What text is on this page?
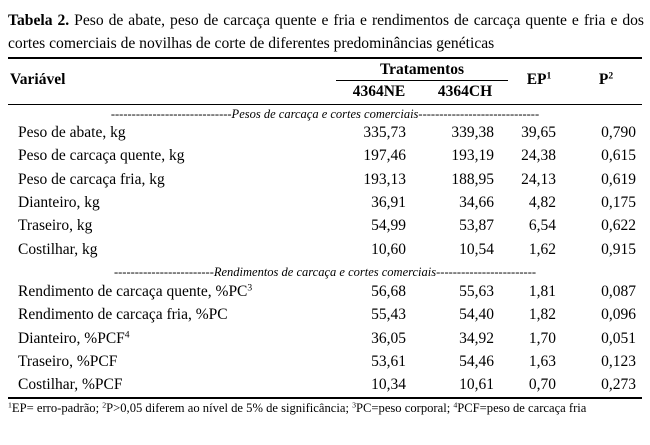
Tabela 2. Peso de abate, peso de carcaça quente e fria e rendimentos de carcaça quente e fria e dos cortes comerciais de novilhas de corte de diferentes predominâncias genéticas
Variável
Tratamentos
4364NE	4364CH
$EP^1$	$P^2$
-----------------------------Pesos de carcaça e cortes comerciais-----------------------------
Peso de abate, kg	335,73	339,38	39,65	0,790
Peso de carcaça quente, kg	197,46	193,19	24,38	0,615
Peso de carcaça fria, kg	193,13	188,95	24,13	0,619
Dianteiro, kg	36,91	34,66	4,82	0,175
Traseiro, kg	54,99	53,87	6,54	0,622
Costilhar, kg	10,60	10,54	1,62	0,915
------------------------Rendimentos de carcaça e cortes comerciais------------------------
Rendimento de carcaça quente, $\%PC^3$	56,68	55,63	1,81	0,087
Rendimento de carcaça fria, %PC	55,43	54,40	1,82	0,096
Dianteiro, %PCF$^4$	36,05	34,92	1,70	0,051
Traseiro, %PCF	53,61	54,46	1,63	0,123
Costilhar, %PCF	10,34	10,61	0,70	0,273
$^1$EP= erro-padrão; $^2$P>0,05 diferem ao nível de 5% de significância; $^3$PC=peso corporal; $^4$PCF=peso de carcaça fria
